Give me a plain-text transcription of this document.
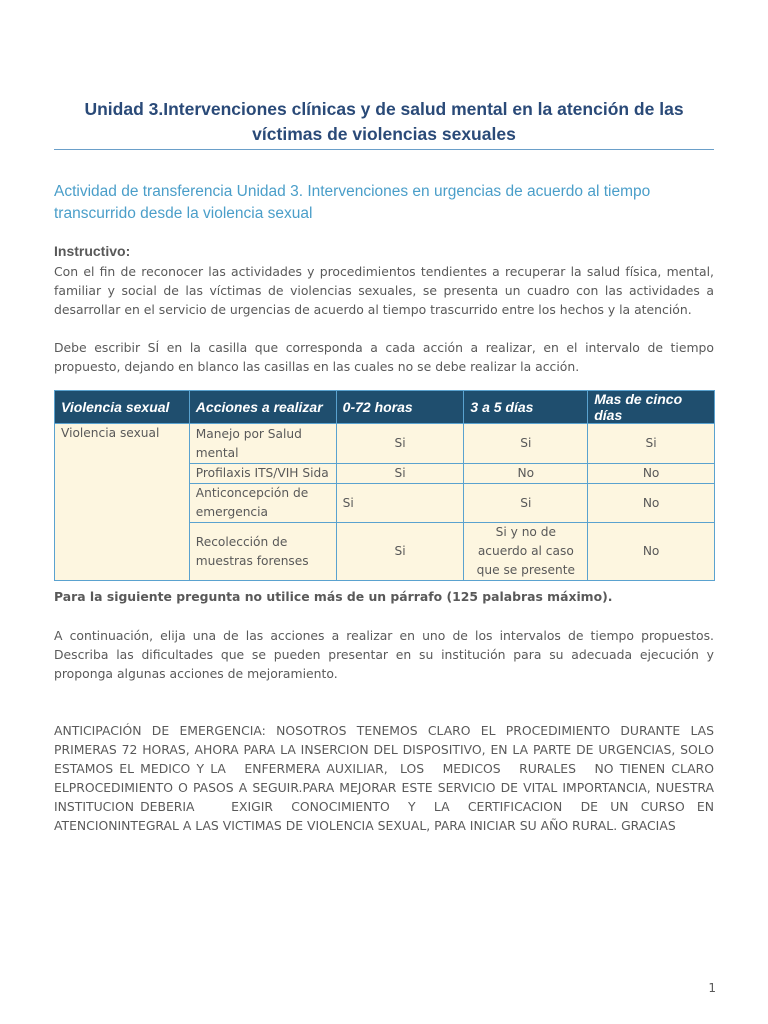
Unidad 3.Intervenciones clínicas y de salud mental en la atención de las víctimas de violencias sexuales
Actividad de transferencia Unidad 3. Intervenciones en urgencias de acuerdo al tiempo transcurrido desde la violencia sexual

Instructivo:

Con el fin de reconocer las actividades y procedimientos tendientes a recuperar la salud física, mental, familiar y social de las víctimas de violencias sexuales, se presenta un cuadro con las actividades a desarrollar en el servicio de urgencias de acuerdo al tiempo trascurrido entre los hechos y la atención.

Debe escribir SÍ en la casilla que corresponda a cada acción a realizar, en el intervalo de tiempo propuesto, dejando en blanco las casillas en las cuales no se debe realizar la acción.

Violencia sexual	Acciones a realizar	0-72 horas	3 a 5 días	Mas de cinco días
Violencia sexual	Manejo por Salud mental	Si	Si	Si
	Profilaxis ITS/VIH Sida	Si	No	No
	Anticoncepción de emergencia	Si	Si	No
	Recolección de muestras forenses	Si	Si y no de acuerdo al caso que se presente	No

Para la siguiente pregunta no utilice más de un párrafo (125 palabras máximo).

A continuación, elija una de las acciones a realizar en uno de los intervalos de tiempo propuestos. Describa las dificultades que se pueden presentar en su institución para su adecuada ejecución y proponga algunas acciones de mejoramiento.

ANTICIPACIÓN DE EMERGENCIA: NOSOTROS TENEMOS CLARO EL PROCEDIMIENTO DURANTE LAS PRIMERAS 72 HORAS, AHORA PARA LA INSERCION DEL DISPOSITIVO, EN LA PARTE DE URGENCIAS, SOLO ESTAMOS EL MEDICO Y LA   ENFERMERA AUXILIAR,  LOS   MEDICOS   RURALES   NO TIENEN CLARO ELPROCEDIMIENTO O PASOS A SEGUIR.PARA MEJORAR ESTE SERVICIO DE VITAL IMPORTANCIA, NUESTRA INSTITUCION DEBERIA      EXIGIR   CONOCIMIENTO   Y   LA   CERTIFICACION   DE  UN  CURSO  EN ATENCIONINTEGRAL A LAS VICTIMAS DE VIOLENCIA SEXUAL, PARA INICIAR SU AÑO RURAL. GRACIAS

1
